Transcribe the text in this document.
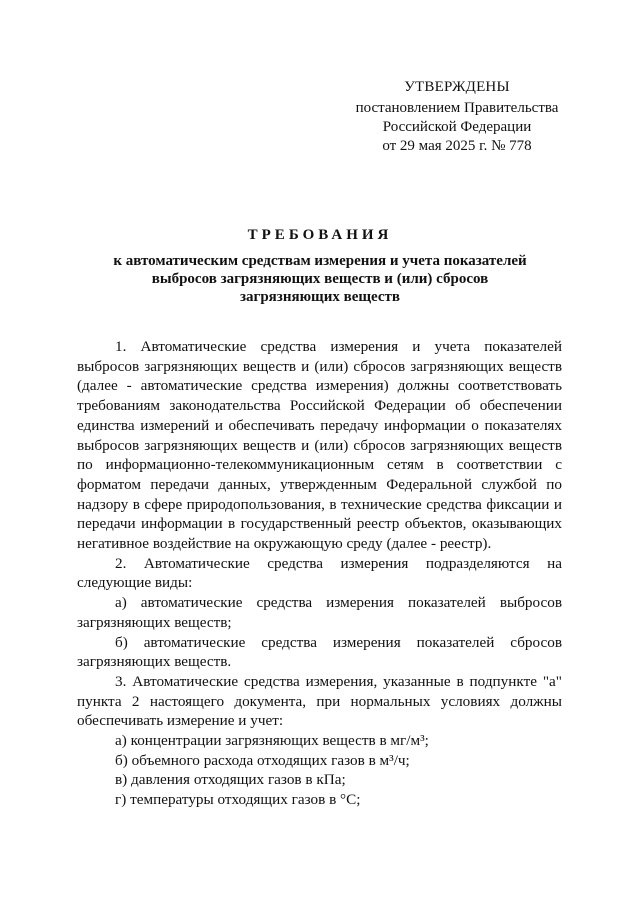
УТВЕРЖДЕНЫ
постановлением Правительства
Российской Федерации
от 29 мая 2025 г. № 778
ТРЕБОВАНИЯ
к автоматическим средствам измерения и учета показателей
выбросов загрязняющих веществ и (или) сбросов
загрязняющих веществ

1. Автоматические средства измерения и учета показателей выбросов загрязняющих веществ и (или) сбросов загрязняющих веществ (далее - автоматические средства измерения) должны соответствовать требованиям законодательства Российской Федерации об обеспечении единства измерений и обеспечивать передачу информации о показателях выбросов загрязняющих веществ и (или) сбросов загрязняющих веществ по информационно-телекоммуникационным сетям в соответствии с форматом передачи данных, утвержденным Федеральной службой по надзору в сфере природопользования, в технические средства фиксации и передачи информации в государственный реестр объектов, оказывающих негативное воздействие на окружающую среду (далее - реестр).

2. Автоматические средства измерения подразделяются на следующие виды:

а) автоматические средства измерения показателей выбросов загрязняющих веществ;

б) автоматические средства измерения показателей сбросов загрязняющих веществ.

3. Автоматические средства измерения, указанные в подпункте "а" пункта 2 настоящего документа, при нормальных условиях должны обеспечивать измерение и учет:

а) концентрации загрязняющих веществ в мг/м³;

б) объемного расхода отходящих газов в м³/ч;

в) давления отходящих газов в кПа;

г) температуры отходящих газов в °С;
